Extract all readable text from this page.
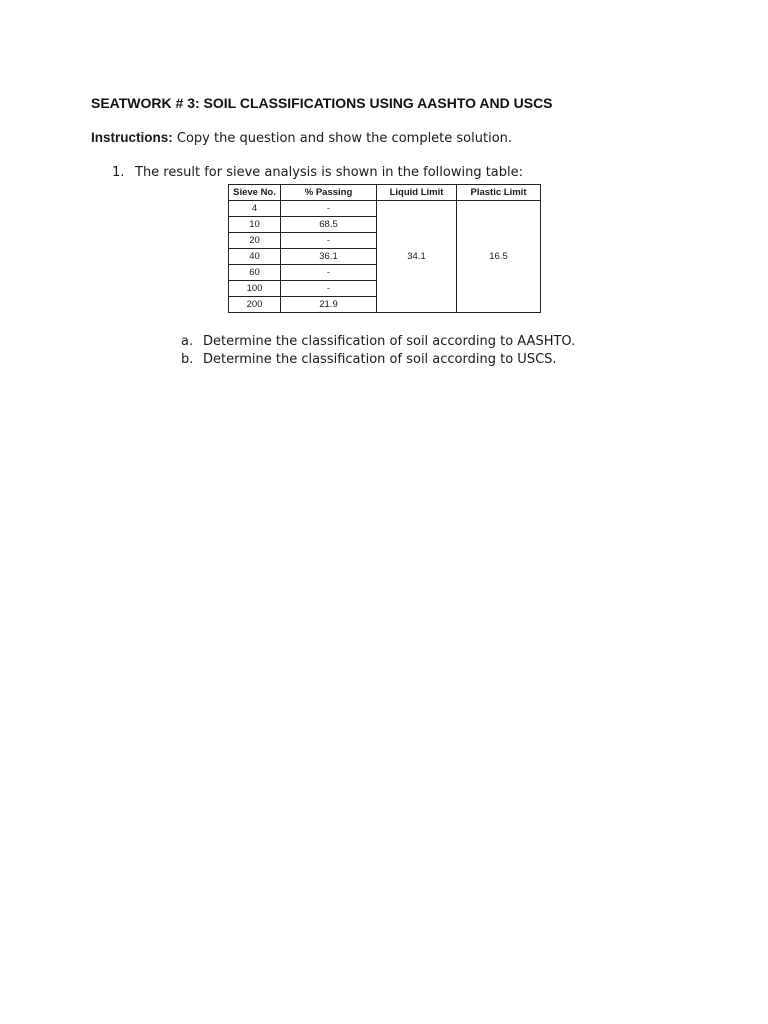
SEATWORK # 3: SOIL CLASSIFICATIONS USING AASHTO AND USCS
Instructions: Copy the question and show the complete solution.
1. The result for sieve analysis is shown in the following table:
Sieve No.	% Passing	Liquid Limit	Plastic Limit
4	-	34.1	16.5
10	68.5		
20	-		
40	36.1		
60	-		
100	-		
200	21.9		
a. Determine the classification of soil according to AASHTO.
b. Determine the classification of soil according to USCS.
